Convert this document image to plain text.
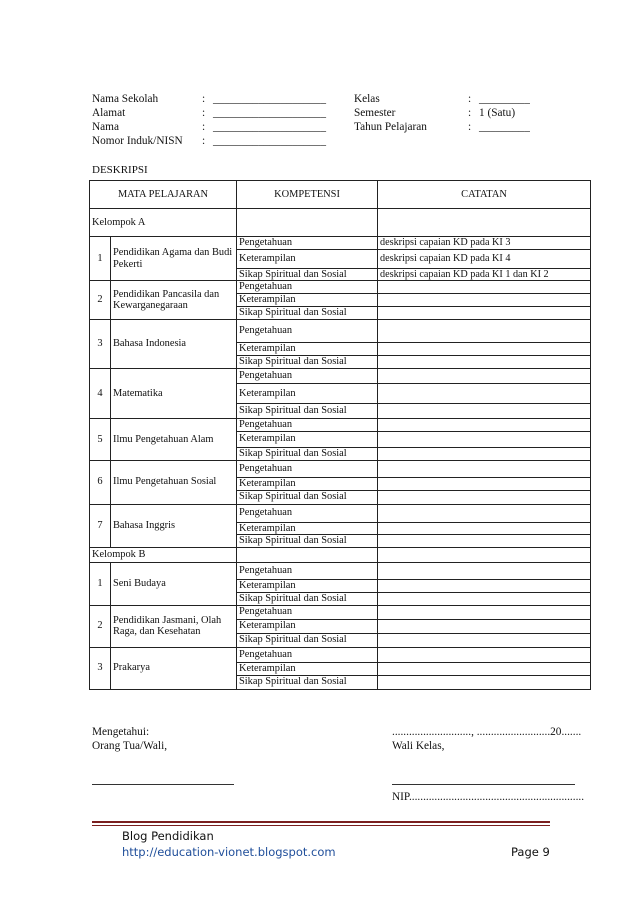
Nama Sekolah	: ____________________
Alamat	: ____________________
Nama	: ____________________
Nomor Induk/NISN : ____________________
Kelas	: _________
Semester	: 1 (Satu)
Tahun Pelajaran	: _________
DESKRIPSI
MATA PELAJARAN		KOMPETENSI	CATATAN
Kelompok A			
1	Pendidikan Agama dan Budi Pekerti	Pengetahuan	deskripsi capaian KD pada KI 3
		Keterampilan	deskripsi capaian KD pada KI 4
		Sikap Spiritual dan Sosial	deskripsi capaian KD pada KI 1 dan KI 2
2	Pendidikan Pancasila dan Kewarganegaraan	Pengetahuan	
		Keterampilan	
		Sikap Spiritual dan Sosial	
3	Bahasa Indonesia	Pengetahuan	
		Keterampilan	
		Sikap Spiritual dan Sosial	
4	Matematika	Pengetahuan	
		Keterampilan	
		Sikap Spiritual dan Sosial	
5	Ilmu Pengetahuan Alam	Pengetahuan	
		Keterampilan	
		Sikap Spiritual dan Sosial	
6	Ilmu Pengetahuan Sosial	Pengetahuan	
		Keterampilan	
		Sikap Spiritual dan Sosial	
7	Bahasa Inggris	Pengetahuan	
		Keterampilan	
		Sikap Spiritual dan Sosial	
Kelompok B			
1	Seni Budaya	Pengetahuan	
		Keterampilan	
		Sikap Spiritual dan Sosial	
2	Pendidikan Jasmani, Olah Raga, dan Kesehatan	Pengetahuan	
		Keterampilan	
		Sikap Spiritual dan Sosial	
3	Prakarya	Pengetahuan	
		Keterampilan	
		Sikap Spiritual dan Sosial	
Mengetahui:
Orang Tua/Wali,
............................, ..........................20.......
Wali Kelas,
NIP..............................................................
Blog Pendidikan
http://education-vionet.blogspot.com	Page 9
